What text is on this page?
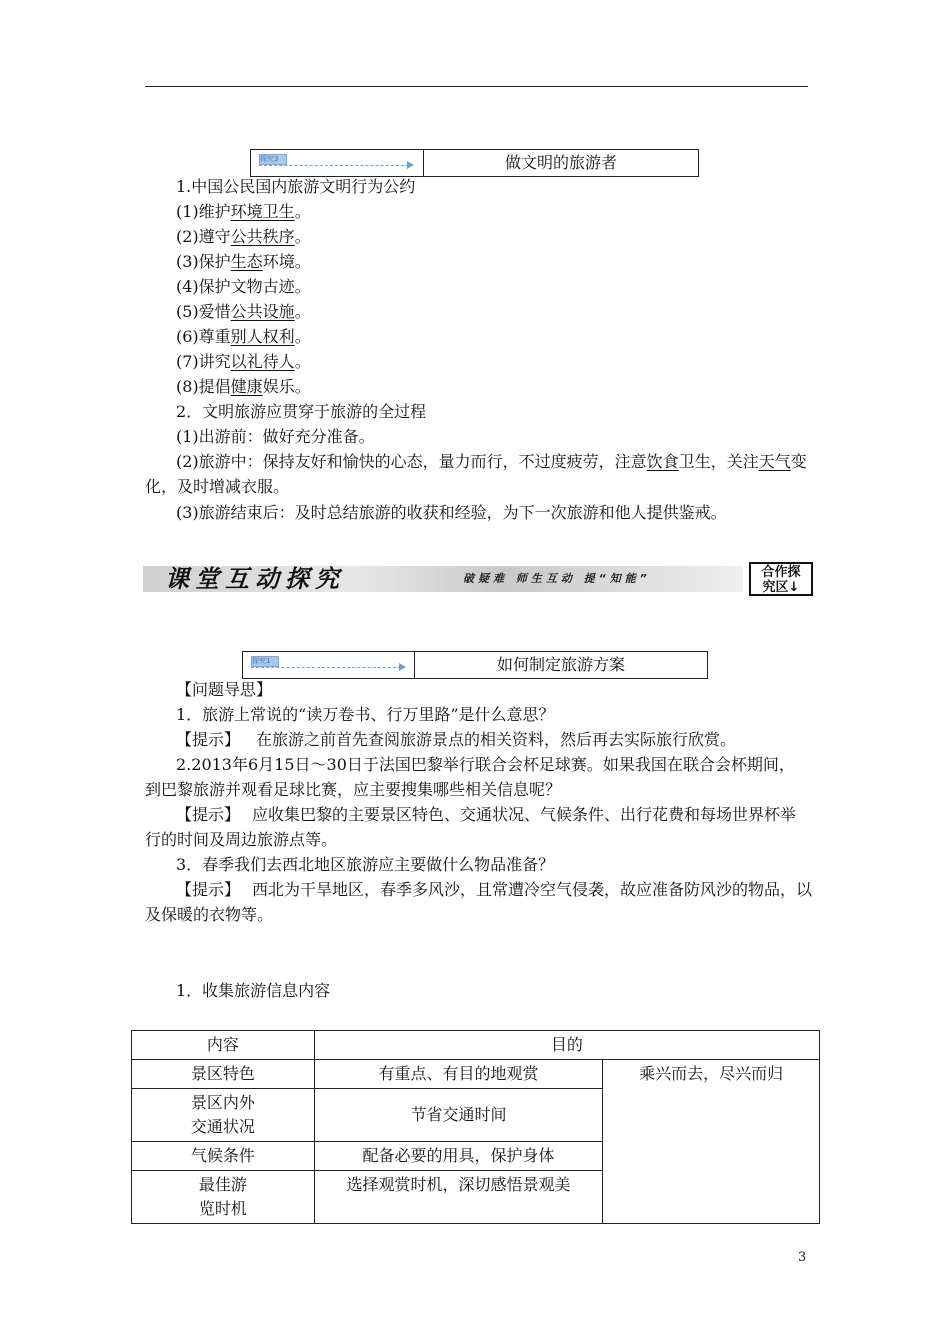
探究3	做文明的旅游者
1.中国公民国内旅游文明行为公约
(1)维护环境卫生。
(2)遵守公共秩序。
(3)保护生态环境。
(4)保护文物古迹。
(5)爱惜公共设施。
(6)尊重别人权利。
(7)讲究以礼待人。
(8)提倡健康娱乐。
2．文明旅游应贯穿于旅游的全过程
(1)出游前：做好充分准备。
(2)旅游中：保持友好和愉快的心态，量力而行，不过度疲劳，注意饮食卫生，关注天气变
化，及时增减衣服。
(3)旅游结束后：及时总结旅游的收获和经验，为下一次旅游和他人提供鉴戒。
课堂互动探究	破疑难 师生互动 提“知能”	合作探
究区↓
探究1	如何制定旅游方案
【问题导思】
1．旅游上常说的“读万卷书、行万里路”是什么意思？
【提示】 在旅游之前首先查阅旅游景点的相关资料，然后再去实际旅行欣赏。
2.2013年6月15日～30日于法国巴黎举行联合会杯足球赛。如果我国在联合会杯期间，
到巴黎旅游并观看足球比赛，应主要搜集哪些相关信息呢？
【提示】 应收集巴黎的主要景区特色、交通状况、气候条件、出行花费和每场世界杯举
行的时间及周边旅游点等。
3．春季我们去西北地区旅游应主要做什么物品准备？
【提示】 西北为干旱地区，春季多风沙，且常遭冷空气侵袭，故应准备防风沙的物品，以
及保暖的衣物等。
1．收集旅游信息内容
内容	目的	
景区特色	有重点、有目的地观赏	乘兴而去，尽兴而归

景区内外
交通状况	节省交通时间	
气候条件	配备必要的用具，保护身体	

最佳游
览时机	选择观赏时机，深切感悟景观美	
3
